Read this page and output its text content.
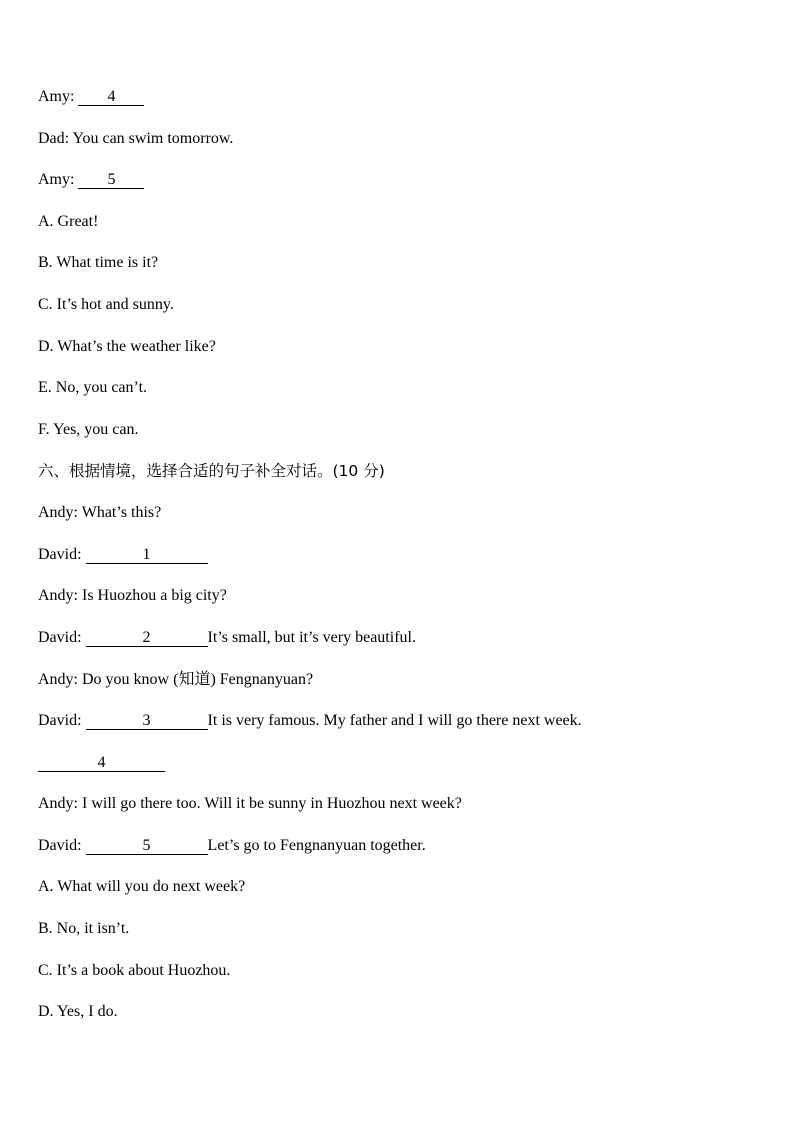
Amy: 4
Dad: You can swim tomorrow.
Amy: 5
A. Great!
B. What time is it?
C. It’s hot and sunny.
D. What’s the weather like?
E. No, you can’t.
F. Yes, you can.
六、根据情境，选择合适的句子补全对话。(10 分)
Andy: What’s this?
David:	1
Andy: Is Huozhou a big city?
David:	2	It’s small, but it’s very beautiful.
Andy: Do you know (知道) Fengnanyuan?
David:	3	It is very famous. My father and I will go there next week.
4
Andy: I will go there too. Will it be sunny in Huozhou next week?
David:	5	Let’s go to Fengnanyuan together.
A. What will you do next week?
B. No, it isn’t.
C. It’s a book about Huozhou.
D. Yes, I do.
